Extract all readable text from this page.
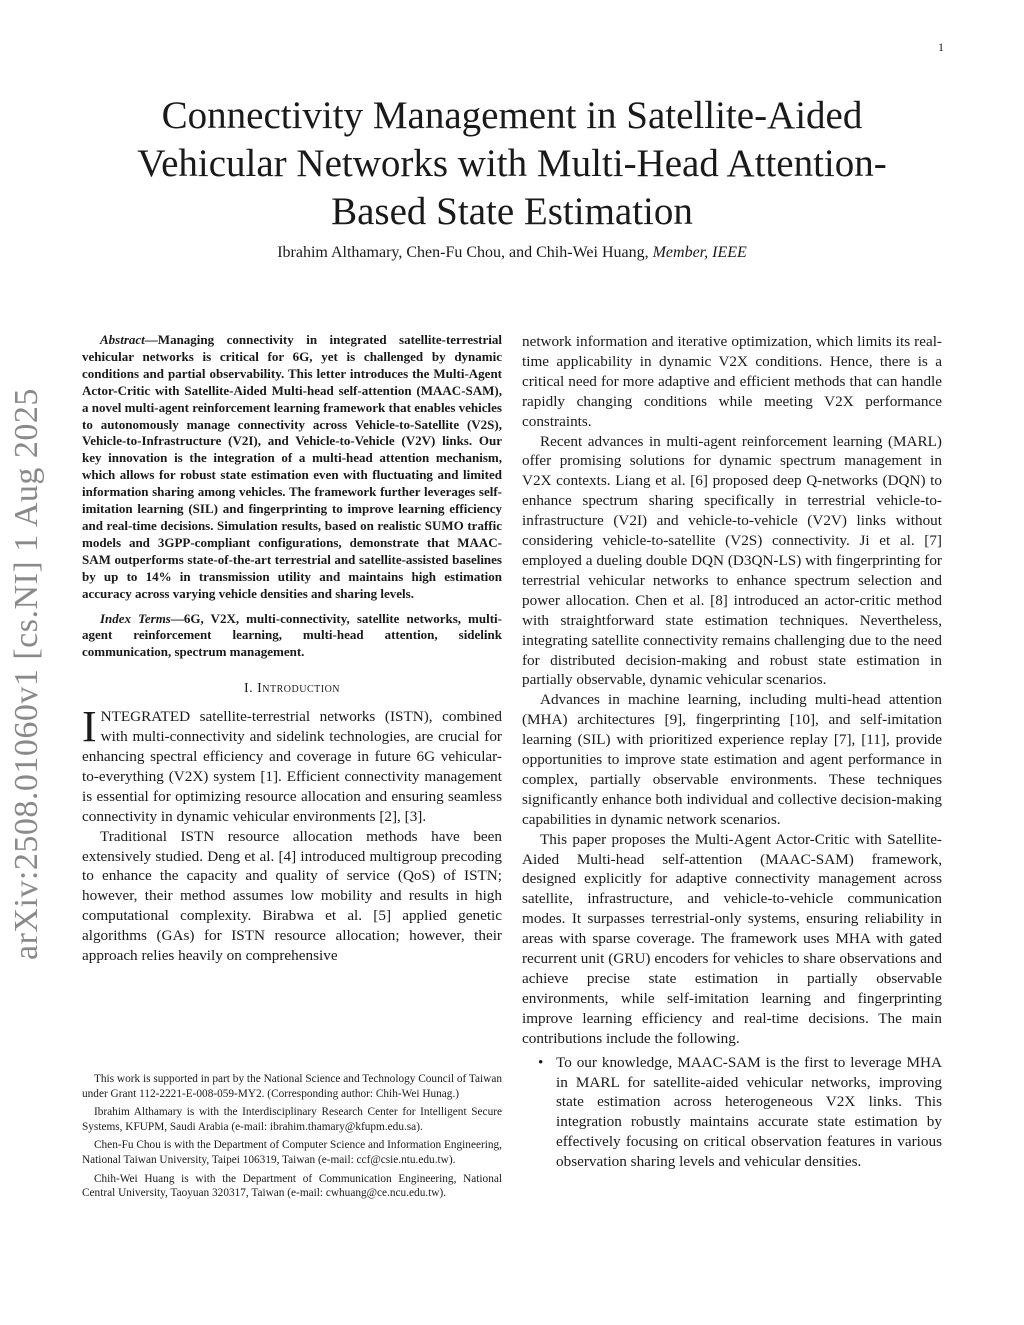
1
arXiv:2508.01060v1 [cs.NI] 1 Aug 2025
Connectivity Management in Satellite-Aided Vehicular Networks with Multi-Head Attention-Based State Estimation
Ibrahim Althamary, Chen-Fu Chou, and Chih-Wei Huang, Member, IEEE

Abstract—Managing connectivity in integrated satellite-terrestrial vehicular networks is critical for 6G, yet is challenged by dynamic conditions and partial observability. This letter introduces the Multi-Agent Actor-Critic with Satellite-Aided Multi-head self-attention (MAAC-SAM), a novel multi-agent reinforcement learning framework that enables vehicles to autonomously manage connectivity across Vehicle-to-Satellite (V2S), Vehicle-to-Infrastructure (V2I), and Vehicle-to-Vehicle (V2V) links. Our key innovation is the integration of a multi-head attention mechanism, which allows for robust state estimation even with fluctuating and limited information sharing among vehicles. The framework further leverages self-imitation learning (SIL) and fingerprinting to improve learning efficiency and real-time decisions. Simulation results, based on realistic SUMO traffic models and 3GPP-compliant configurations, demonstrate that MAAC-SAM outperforms state-of-the-art terrestrial and satellite-assisted baselines by up to 14% in transmission utility and maintains high estimation accuracy across varying vehicle densities and sharing levels.

Index Terms—6G, V2X, multi-connectivity, satellite networks, multi-agent reinforcement learning, multi-head attention, sidelink communication, spectrum management.

I. Introduction

INTEGRATED satellite-terrestrial networks (ISTN), combined with multi-connectivity and sidelink technologies, are crucial for enhancing spectral efficiency and coverage in future 6G vehicular-to-everything (V2X) system [1]. Efficient connectivity management is essential for optimizing resource allocation and ensuring seamless connectivity in dynamic vehicular environments [2], [3].

Traditional ISTN resource allocation methods have been extensively studied. Deng et al. [4] introduced multigroup precoding to enhance the capacity and quality of service (QoS) of ISTN; however, their method assumes low mobility and results in high computational complexity. Birabwa et al. [5] applied genetic algorithms (GAs) for ISTN resource allocation; however, their approach relies heavily on comprehensive

This work is supported in part by the National Science and Technology Council of Taiwan under Grant 112-2221-E-008-059-MY2. (Corresponding author: Chih-Wei Hunag.)

Ibrahim Althamary is with the Interdisciplinary Research Center for Intelligent Secure Systems, KFUPM, Saudi Arabia (e-mail: ibrahim.thamary@kfupm.edu.sa).

Chen-Fu Chou is with the Department of Computer Science and Information Engineering, National Taiwan University, Taipei 106319, Taiwan (e-mail: ccf@csie.ntu.edu.tw).

Chih-Wei Huang is with the Department of Communication Engineering, National Central University, Taoyuan 320317, Taiwan (e-mail: cwhuang@ce.ncu.edu.tw).

network information and iterative optimization, which limits its real-time applicability in dynamic V2X conditions. Hence, there is a critical need for more adaptive and efficient methods that can handle rapidly changing conditions while meeting V2X performance constraints.

Recent advances in multi-agent reinforcement learning (MARL) offer promising solutions for dynamic spectrum management in V2X contexts. Liang et al. [6] proposed deep Q-networks (DQN) to enhance spectrum sharing specifically in terrestrial vehicle-to-infrastructure (V2I) and vehicle-to-vehicle (V2V) links without considering vehicle-to-satellite (V2S) connectivity. Ji et al. [7] employed a dueling double DQN (D3QN-LS) with fingerprinting for terrestrial vehicular networks to enhance spectrum selection and power allocation. Chen et al. [8] introduced an actor-critic method with straightforward state estimation techniques. Nevertheless, integrating satellite connectivity remains challenging due to the need for distributed decision-making and robust state estimation in partially observable, dynamic vehicular scenarios.

Advances in machine learning, including multi-head attention (MHA) architectures [9], fingerprinting [10], and self-imitation learning (SIL) with prioritized experience replay [7], [11], provide opportunities to improve state estimation and agent performance in complex, partially observable environments. These techniques significantly enhance both individual and collective decision-making capabilities in dynamic network scenarios.

This paper proposes the Multi-Agent Actor-Critic with Satellite-Aided Multi-head self-attention (MAAC-SAM) framework, designed explicitly for adaptive connectivity management across satellite, infrastructure, and vehicle-to-vehicle communication modes. It surpasses terrestrial-only systems, ensuring reliability in areas with sparse coverage. The framework uses MHA with gated recurrent unit (GRU) encoders for vehicles to share observations and achieve precise state estimation in partially observable environments, while self-imitation learning and fingerprinting improve learning efficiency and real-time decisions. The main contributions include the following.

• To our knowledge, MAAC-SAM is the first to leverage MHA in MARL for satellite-aided vehicular networks, improving state estimation across heterogeneous V2X links. This integration robustly maintains accurate state estimation by effectively focusing on critical observation features in various observation sharing levels and vehicular densities.
